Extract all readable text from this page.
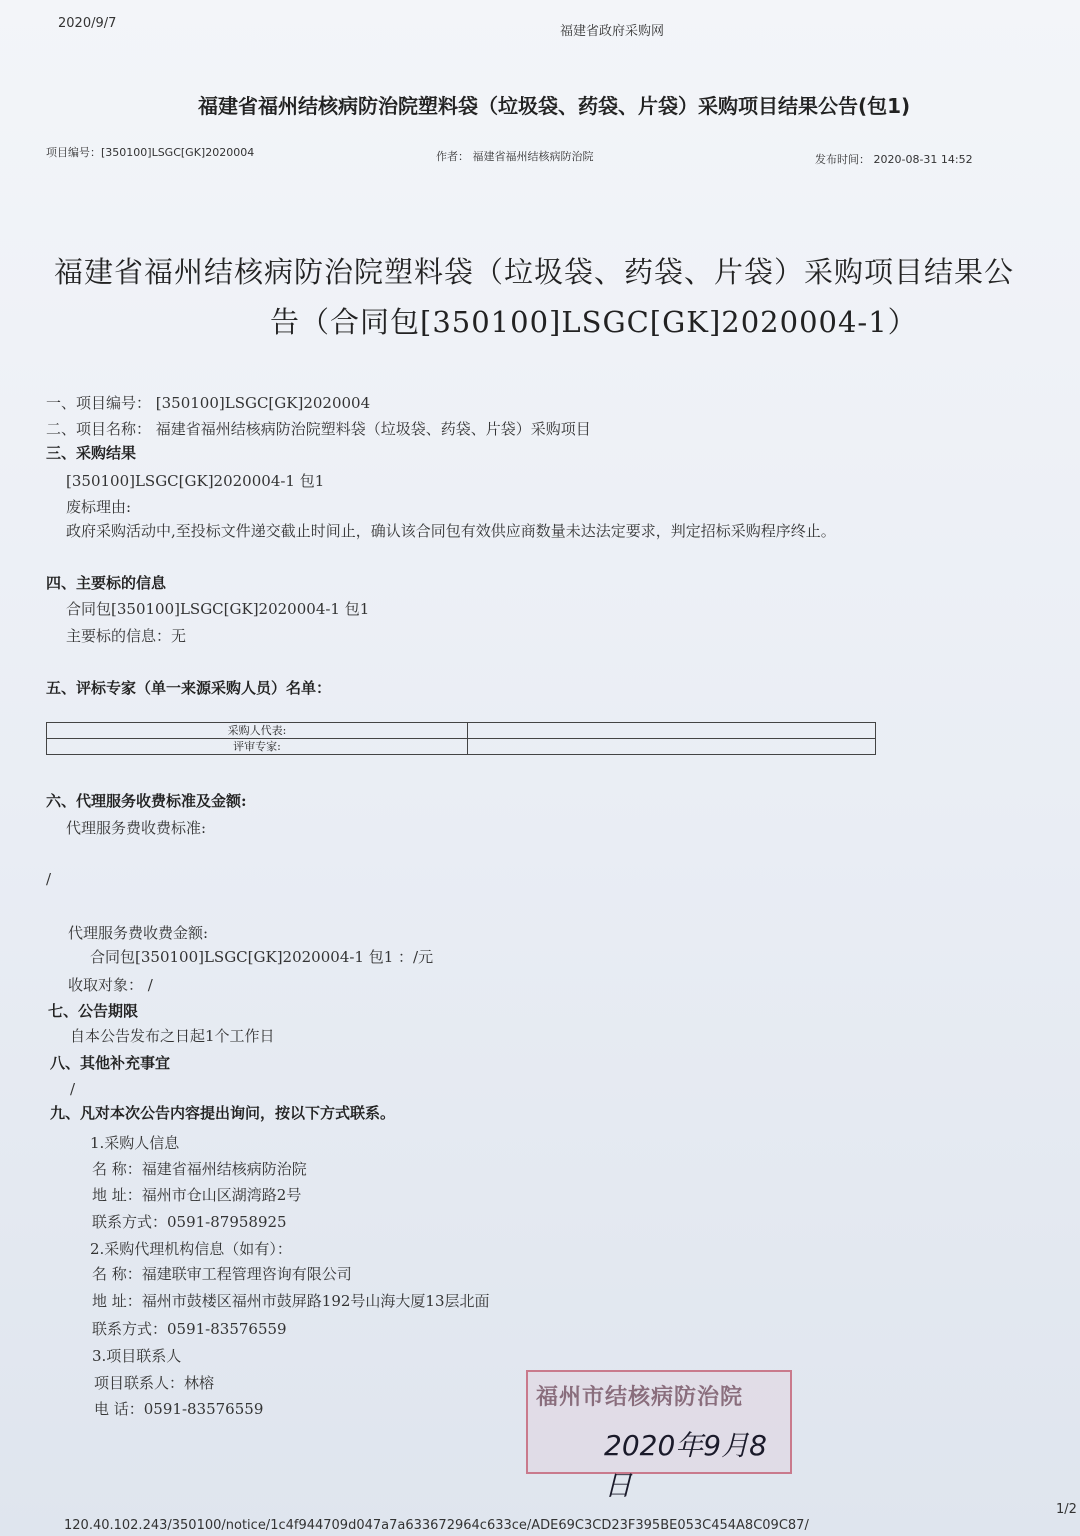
2020/9/7
福建省政府采购网
福建省福州结核病防治院塑料袋（垃圾袋、药袋、片袋）采购项目结果公告(包1)
项目编号：[350100]LSGC[GK]2020004	作者： 福建省福州结核病防治院	发布时间： 2020-08-31 14:52
福建省福州结核病防治院塑料袋（垃圾袋、药袋、片袋）采购项目结果公
告（合同包[350100]LSGC[GK]2020004-1）
一、项目编号： [350100]LSGC[GK]2020004
二、项目名称： 福建省福州结核病防治院塑料袋（垃圾袋、药袋、片袋）采购项目
三、采购结果
[350100]LSGC[GK]2020004-1 包1
废标理由:
政府采购活动中,至投标文件递交截止时间止，确认该合同包有效供应商数量未达法定要求，判定招标采购程序终止。
四、主要标的信息
合同包[350100]LSGC[GK]2020004-1 包1
主要标的信息：无
五、评标专家（单一来源采购人员）名单：
采购人代表:	
评审专家:	
六、代理服务收费标准及金额:
代理服务费收费标准:
/
代理服务费收费金额:
合同包[350100]LSGC[GK]2020004-1 包1 ：/元
收取对象： /
七、公告期限
自本公告发布之日起1个工作日
八、其他补充事宜
/
九、凡对本次公告内容提出询问，按以下方式联系。
1.采购人信息
名 称：福建省福州结核病防治院
地 址：福州市仓山区湖湾路2号
联系方式：0591-87958925
2.采购代理机构信息（如有）：
名 称：福建联审工程管理咨询有限公司
地 址：福州市鼓楼区福州市鼓屏路192号山海大厦13层北面
联系方式：0591-83576559
3.项目联系人
项目联系人：林榕
电 话：0591-83576559	福州市结核病防治院
2020年9月8日
120.40.102.243/350100/notice/1c4f944709d047a7a633672964c633ce/ADE69C3CD23F395BE053C454A8C09C87/
1/2
